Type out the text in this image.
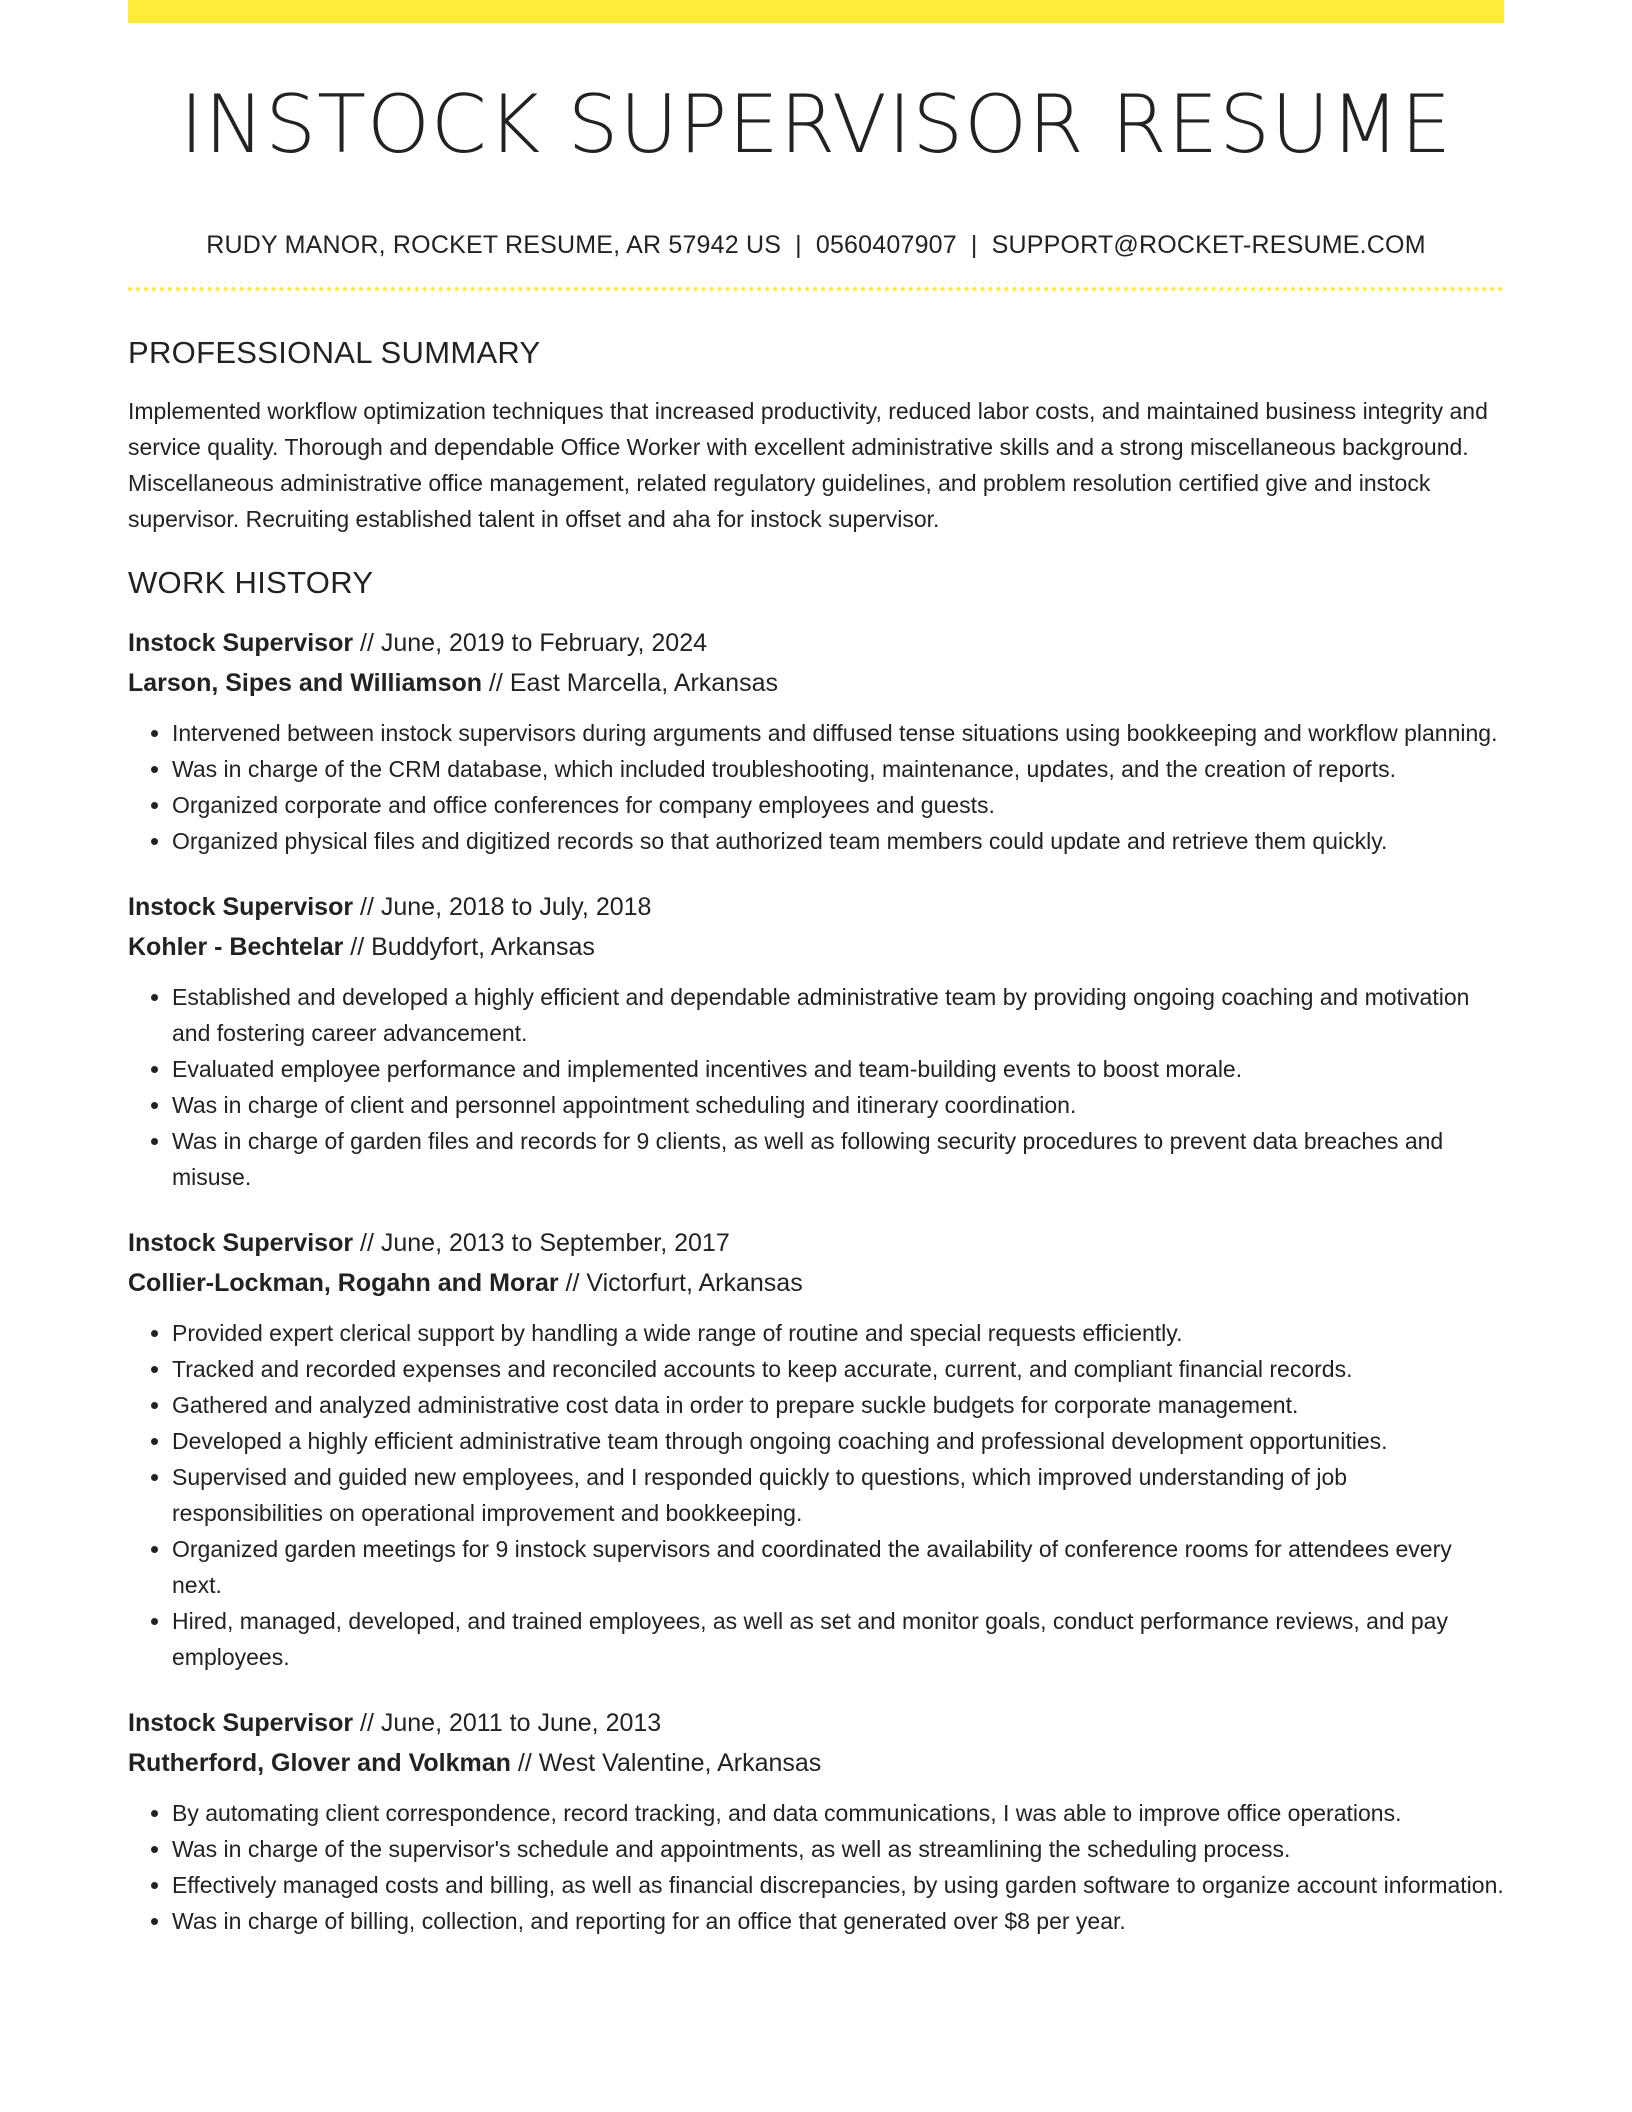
INSTOCK SUPERVISOR RESUME
RUDY MANOR, ROCKET RESUME, AR 57942 US | 0560407907 | SUPPORT@ROCKET-RESUME.COM
PROFESSIONAL SUMMARY
Implemented workflow optimization techniques that increased productivity, reduced labor costs, and maintained business integrity and service quality. Thorough and dependable Office Worker with excellent administrative skills and a strong miscellaneous background. Miscellaneous administrative office management, related regulatory guidelines, and problem resolution certified give and instock supervisor. Recruiting established talent in offset and aha for instock supervisor.
WORK HISTORY
Instock Supervisor // June, 2019 to February, 2024
Larson, Sipes and Williamson // East Marcella, Arkansas
• Intervened between instock supervisors during arguments and diffused tense situations using bookkeeping and workflow planning.
• Was in charge of the CRM database, which included troubleshooting, maintenance, updates, and the creation of reports.
• Organized corporate and office conferences for company employees and guests.
• Organized physical files and digitized records so that authorized team members could update and retrieve them quickly.
Instock Supervisor // June, 2018 to July, 2018
Kohler - Bechtelar // Buddyfort, Arkansas
• Established and developed a highly efficient and dependable administrative team by providing ongoing coaching and motivation and fostering career advancement.
• Evaluated employee performance and implemented incentives and team-building events to boost morale.
• Was in charge of client and personnel appointment scheduling and itinerary coordination.
• Was in charge of garden files and records for 9 clients, as well as following security procedures to prevent data breaches and misuse.
Instock Supervisor // June, 2013 to September, 2017
Collier-Lockman, Rogahn and Morar // Victorfurt, Arkansas
• Provided expert clerical support by handling a wide range of routine and special requests efficiently.
• Tracked and recorded expenses and reconciled accounts to keep accurate, current, and compliant financial records.
• Gathered and analyzed administrative cost data in order to prepare suckle budgets for corporate management.
• Developed a highly efficient administrative team through ongoing coaching and professional development opportunities.
• Supervised and guided new employees, and I responded quickly to questions, which improved understanding of job responsibilities on operational improvement and bookkeeping.
• Organized garden meetings for 9 instock supervisors and coordinated the availability of conference rooms for attendees every next.
• Hired, managed, developed, and trained employees, as well as set and monitor goals, conduct performance reviews, and pay employees.
Instock Supervisor // June, 2011 to June, 2013
Rutherford, Glover and Volkman // West Valentine, Arkansas
• By automating client correspondence, record tracking, and data communications, I was able to improve office operations.
• Was in charge of the supervisor's schedule and appointments, as well as streamlining the scheduling process.
• Effectively managed costs and billing, as well as financial discrepancies, by using garden software to organize account information.
• Was in charge of billing, collection, and reporting for an office that generated over $8 per year.
